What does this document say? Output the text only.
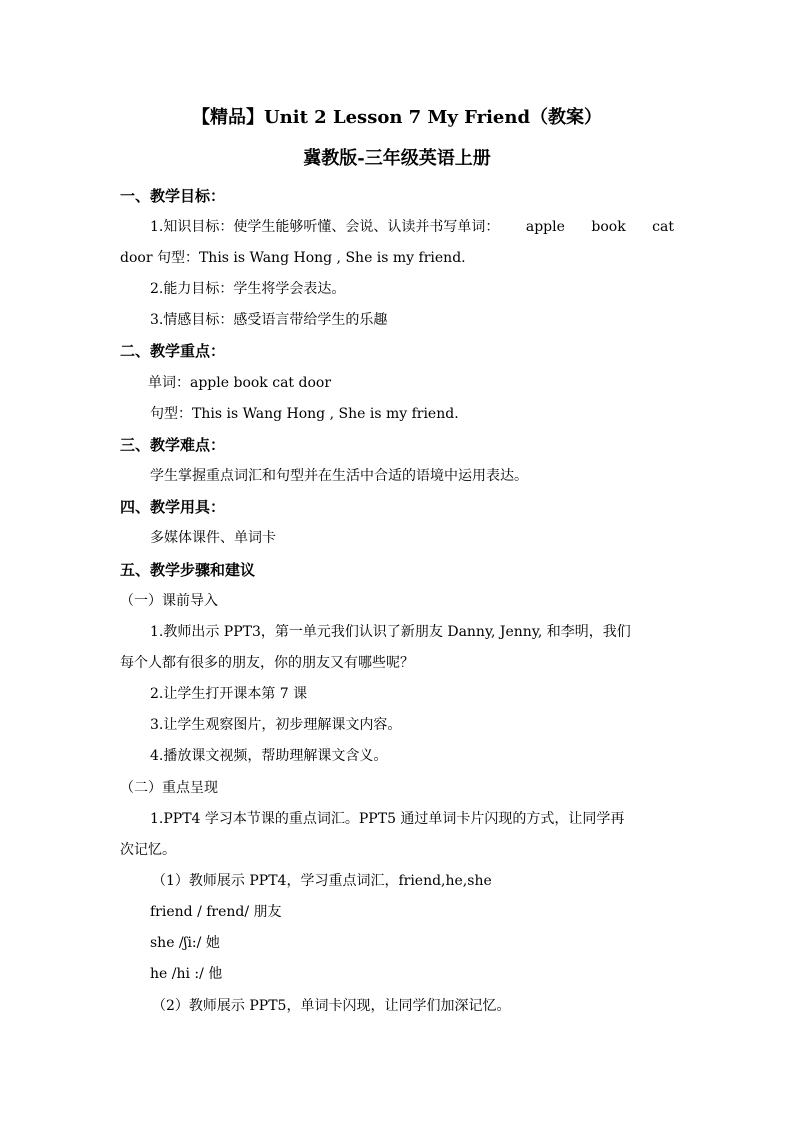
【精品】Unit 2 Lesson 7 My Friend（教案）
冀教版-三年级英语上册
一、教学目标：
1.知识目标：使学生能够听懂、会说、认读并书写单词： apple book cat
door 句型：This is Wang Hong , She is my friend.
2.能力目标：学生将学会表达。
3.情感目标：感受语言带给学生的乐趣
二、教学重点：
单词：apple book cat door
句型：This is Wang Hong , She is my friend.
三、教学难点：
学生掌握重点词汇和句型并在生活中合适的语境中运用表达。
四、教学用具：
多媒体课件、单词卡
五、教学步骤和建议
（一）课前导入
1.教师出示 PPT3，第一单元我们认识了新朋友 Danny, Jenny, 和李明，我们
每个人都有很多的朋友，你的朋友又有哪些呢？
2.让学生打开课本第 7 课
3.让学生观察图片，初步理解课文内容。
4.播放课文视频，帮助理解课文含义。
（二）重点呈现
1.PPT4 学习本节课的重点词汇。PPT5 通过单词卡片闪现的方式，让同学再
次记忆。
（1）教师展示 PPT4，学习重点词汇，friend,he,she
friend / frend/ 朋友
she /ʃi:/ 她
he /hi :/ 他
（2）教师展示 PPT5，单词卡闪现，让同学们加深记忆。
